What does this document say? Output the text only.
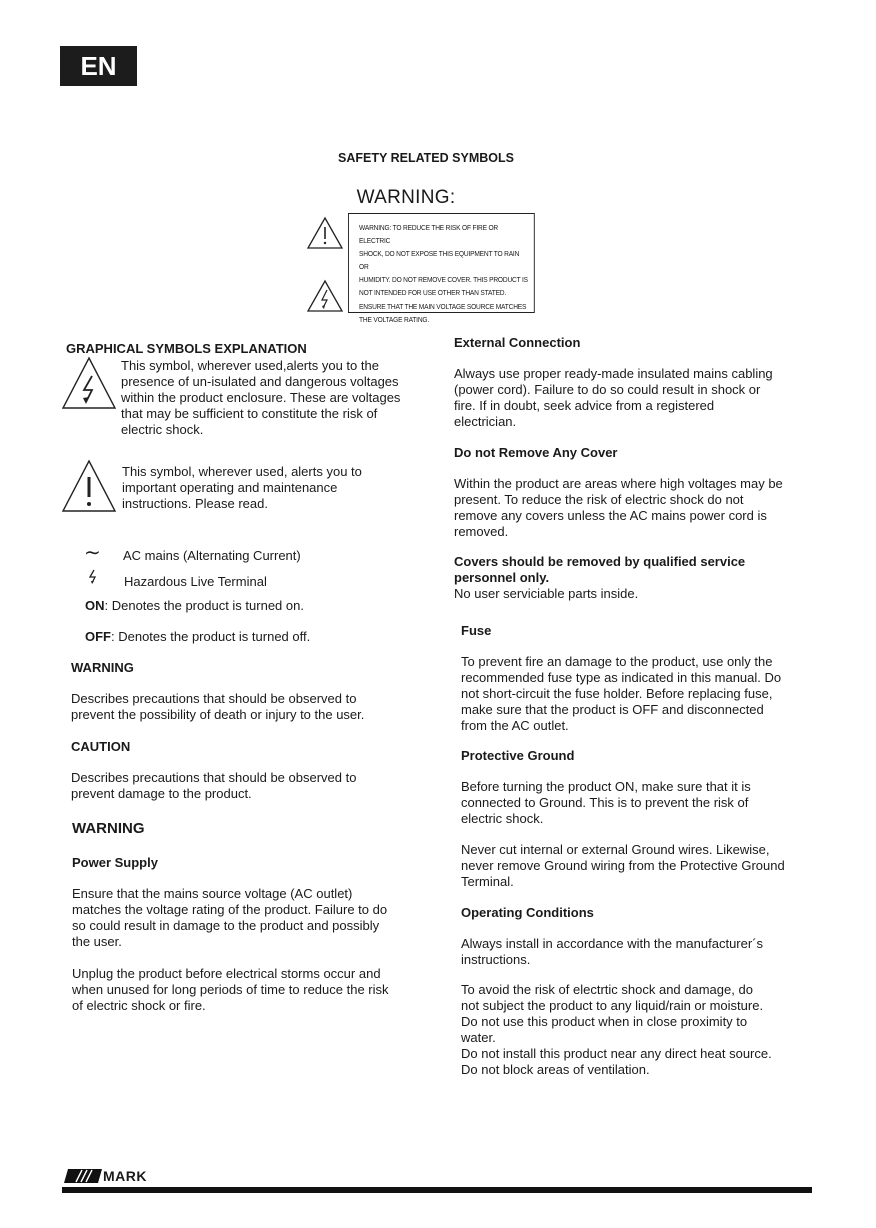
EN
SAFETY RELATED SYMBOLS
WARNING:
WARNING: TO REDUCE THE RISK OF FIRE OR ELECTRIC
SHOCK, DO NOT EXPOSE THIS EQUIPMENT TO RAIN OR
HUMIDITY. DO NOT REMOVE COVER. THIS PRODUCT IS
NOT INTENDED FOR USE OTHER THAN STATED.
ENSURE THAT THE MAIN VOLTAGE SOURCE MATCHES
THE VOLTAGE RATING.
GRAPHICAL SYMBOLS EXPLANATION

This symbol, wherever used,alerts you to the presence of un-isulated and dangerous voltages within the product enclosure. These are voltages that may be sufficient to constitute the risk of electric shock.

This symbol, wherever used, alerts you to important operating and maintenance instructions. Please read.

∼ AC mains (Alternating Current)
Hazardous Live Terminal
ON: Denotes the product is turned on.
OFF: Denotes the product is turned off.
WARNING

Describes precautions that should be observed to prevent the possibility of death or injury to the user.

CAUTION

Describes precautions that should be observed to prevent damage to the product.

WARNING
Power Supply

Ensure that the mains source voltage (AC outlet) matches the voltage rating of the product. Failure to do so could result in damage to the product and possibly the user.

Unplug the product before electrical storms occur and when unused for long periods of time to reduce the risk of electric shock or fire.

External Connection

Always use proper ready-made insulated mains cabling (power cord). Failure to do so could result in shock or fire. If in doubt, seek advice from a registered electrician.

Do not Remove Any Cover

Within the product are areas where high voltages may be present. To reduce the risk of electric shock do not remove any covers unless the AC mains power cord is removed.

Covers should be removed by qualified service personnel only.

No user serviciable parts inside.

Fuse

To prevent fire an damage to the product, use only the recommended fuse type as indicated in this manual. Do not short-circuit the fuse holder. Before replacing fuse, make sure that the product is OFF and disconnected from the AC outlet.

Protective Ground

Before turning the product ON, make sure that it is connected to Ground. This is to prevent the risk of electric shock.

Never cut internal or external Ground wires. Likewise, never remove Ground wiring from the Protective Ground Terminal.

Operating Conditions

Always install in accordance with the manufacturer´s instructions.

To avoid the risk of electrtic shock and damage, do
not subject the product to any liquid/rain or moisture.
Do not use this product when in close proximity to
water.
Do not install this product near any direct heat source.
Do not block areas of ventilation.
MARK
